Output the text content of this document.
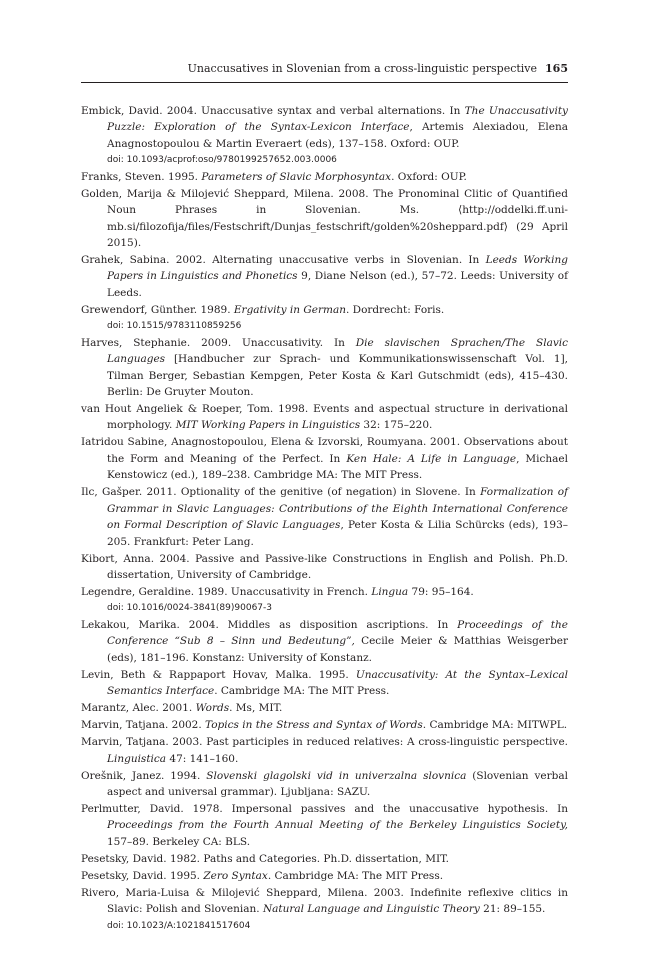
Unaccusatives in Slovenian from a cross-linguistic perspective 165
Embick, David. 2004. Unaccusative syntax and verbal alternations. In The Unaccusativity Puzzle: Exploration of the Syntax-Lexicon Interface, Artemis Alexiadou, Elena Anagnostopoulou & Martin Everaert (eds), 137–158. Oxford: OUP.
doi: 10.1093/acprof:oso/9780199257652.003.0006
Franks, Steven. 1995. Parameters of Slavic Morphosyntax. Oxford: OUP.
Golden, Marija & Milojević Sheppard, Milena. 2008. The Pronominal Clitic of Quantified Noun Phrases in Slovenian. Ms. ⟨http://oddelki.ff.uni-mb.si/filozofija/files/Festschrift/Dunjas_festschrift/golden%20sheppard.pdf⟩ (29 April 2015).
Grahek, Sabina. 2002. Alternating unaccusative verbs in Slovenian. In Leeds Working Papers in Linguistics and Phonetics 9, Diane Nelson (ed.), 57–72. Leeds: University of Leeds.
Grewendorf, Günther. 1989. Ergativity in German. Dordrecht: Foris.
doi: 10.1515/9783110859256
Harves, Stephanie. 2009. Unaccusativity. In Die slavischen Sprachen/The Slavic Languages [Handbucher zur Sprach- und Kommunikationswissenschaft Vol. 1], Tilman Berger, Sebastian Kempgen, Peter Kosta & Karl Gutschmidt (eds), 415–430. Berlin: De Gruyter Mouton.
van Hout Angeliek & Roeper, Tom. 1998. Events and aspectual structure in derivational morphology. MIT Working Papers in Linguistics 32: 175–220.
Iatridou Sabine, Anagnostopoulou, Elena & Izvorski, Roumyana. 2001. Observations about the Form and Meaning of the Perfect. In Ken Hale: A Life in Language, Michael Kenstowicz (ed.), 189–238. Cambridge MA: The MIT Press.
Ilc, Gašper. 2011. Optionality of the genitive (of negation) in Slovene. In Formalization of Grammar in Slavic Languages: Contributions of the Eighth International Conference on Formal Description of Slavic Languages, Peter Kosta & Lilia Schürcks (eds), 193–205. Frankfurt: Peter Lang.
Kibort, Anna. 2004. Passive and Passive-like Constructions in English and Polish. Ph.D. dissertation, University of Cambridge.
Legendre, Geraldine. 1989. Unaccusativity in French. Lingua 79: 95–164.
doi: 10.1016/0024-3841(89)90067-3
Lekakou, Marika. 2004. Middles as disposition ascriptions. In Proceedings of the Conference “Sub 8 – Sinn und Bedeutung”, Cecile Meier & Matthias Weisgerber (eds), 181–196. Konstanz: University of Konstanz.
Levin, Beth & Rappaport Hovav, Malka. 1995. Unaccusativity: At the Syntax–Lexical Semantics Interface. Cambridge MA: The MIT Press.
Marantz, Alec. 2001. Words. Ms, MIT.
Marvin, Tatjana. 2002. Topics in the Stress and Syntax of Words. Cambridge MA: MITWPL.
Marvin, Tatjana. 2003. Past participles in reduced relatives: A cross-linguistic perspective. Linguistica 47: 141–160.
Orešnik, Janez. 1994. Slovenski glagolski vid in univerzalna slovnica (Slovenian verbal aspect and universal grammar). Ljubljana: SAZU.
Perlmutter, David. 1978. Impersonal passives and the unaccusative hypothesis. In Proceedings from the Fourth Annual Meeting of the Berkeley Linguistics Society, 157–89. Berkeley CA: BLS.
Pesetsky, David. 1982. Paths and Categories. Ph.D. dissertation, MIT.
Pesetsky, David. 1995. Zero Syntax. Cambridge MA: The MIT Press.
Rivero, Maria-Luisa & Milojević Sheppard, Milena. 2003. Indefinite reflexive clitics in Slavic: Polish and Slovenian. Natural Language and Linguistic Theory 21: 89–155.
doi: 10.1023/A:1021841517604
